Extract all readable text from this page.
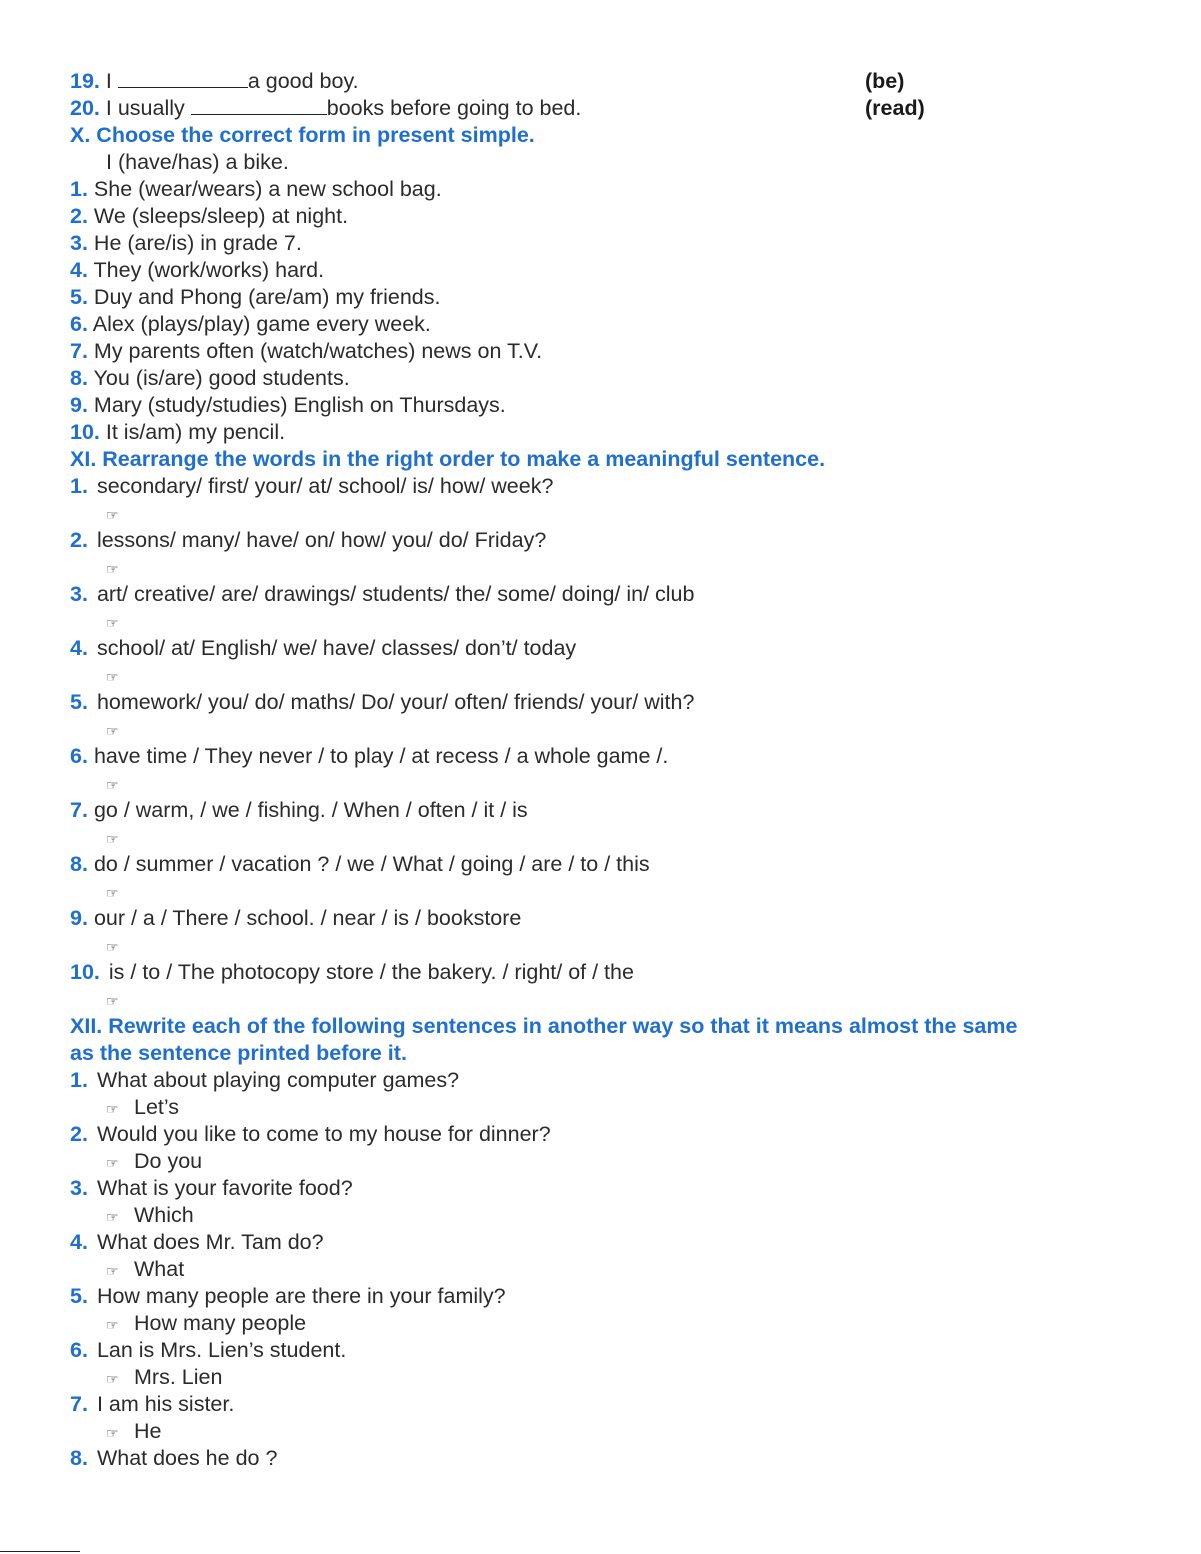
19. I	a good boy.	(be)
20. I usually	books before going to bed.	(read)
X. Choose the correct form in present simple.
I (have/has) a bike.
1. She (wear/wears) a new school bag.
2. We (sleeps/sleep) at night.
3. He (are/is) in grade 7.
4. They (work/works) hard.
5. Duy and Phong (are/am) my friends.
6. Alex (plays/play) game every week.
7. My parents often (watch/watches) news on T.V.
8. You (is/are) good students.
9. Mary (study/studies) English on Thursdays.
10. It is/am) my pencil.
XI. Rearrange the words in the right order to make a meaningful sentence.
1. secondary/ first/ your/ at/ school/ is/ how/ week?
☞
2. lessons/ many/ have/ on/ how/ you/ do/ Friday?
☞
3. art/ creative/ are/ drawings/ students/ the/ some/ doing/ in/ club
☞
4. school/ at/ English/ we/ have/ classes/ don’t/ today
☞
5. homework/ you/ do/ maths/ Do/ your/ often/ friends/ your/ with?
☞
6. have time / They never / to play / at recess / a whole game /.
☞
7. go / warm, / we / fishing. / When / often / it / is
☞
8. do / summer / vacation ? / we / What / going / are / to / this
☞
9. our / a / There / school. / near / is / bookstore
☞
10. is / to / The photocopy store / the bakery. / right/ of / the
☞
XII. Rewrite each of the following sentences in another way so that it means almost the same
as the sentence printed before it.
1. What about playing computer games?
☞ Let’s
2. Would you like to come to my house for dinner?
☞ Do you
3. What is your favorite food?
☞ Which
4. What does Mr. Tam do?
☞ What
5. How many people are there in your family?
☞ How many people
6. Lan is Mrs. Lien’s student.
☞ Mrs. Lien
7. I am his sister.
☞ He
8. What does he do ?
